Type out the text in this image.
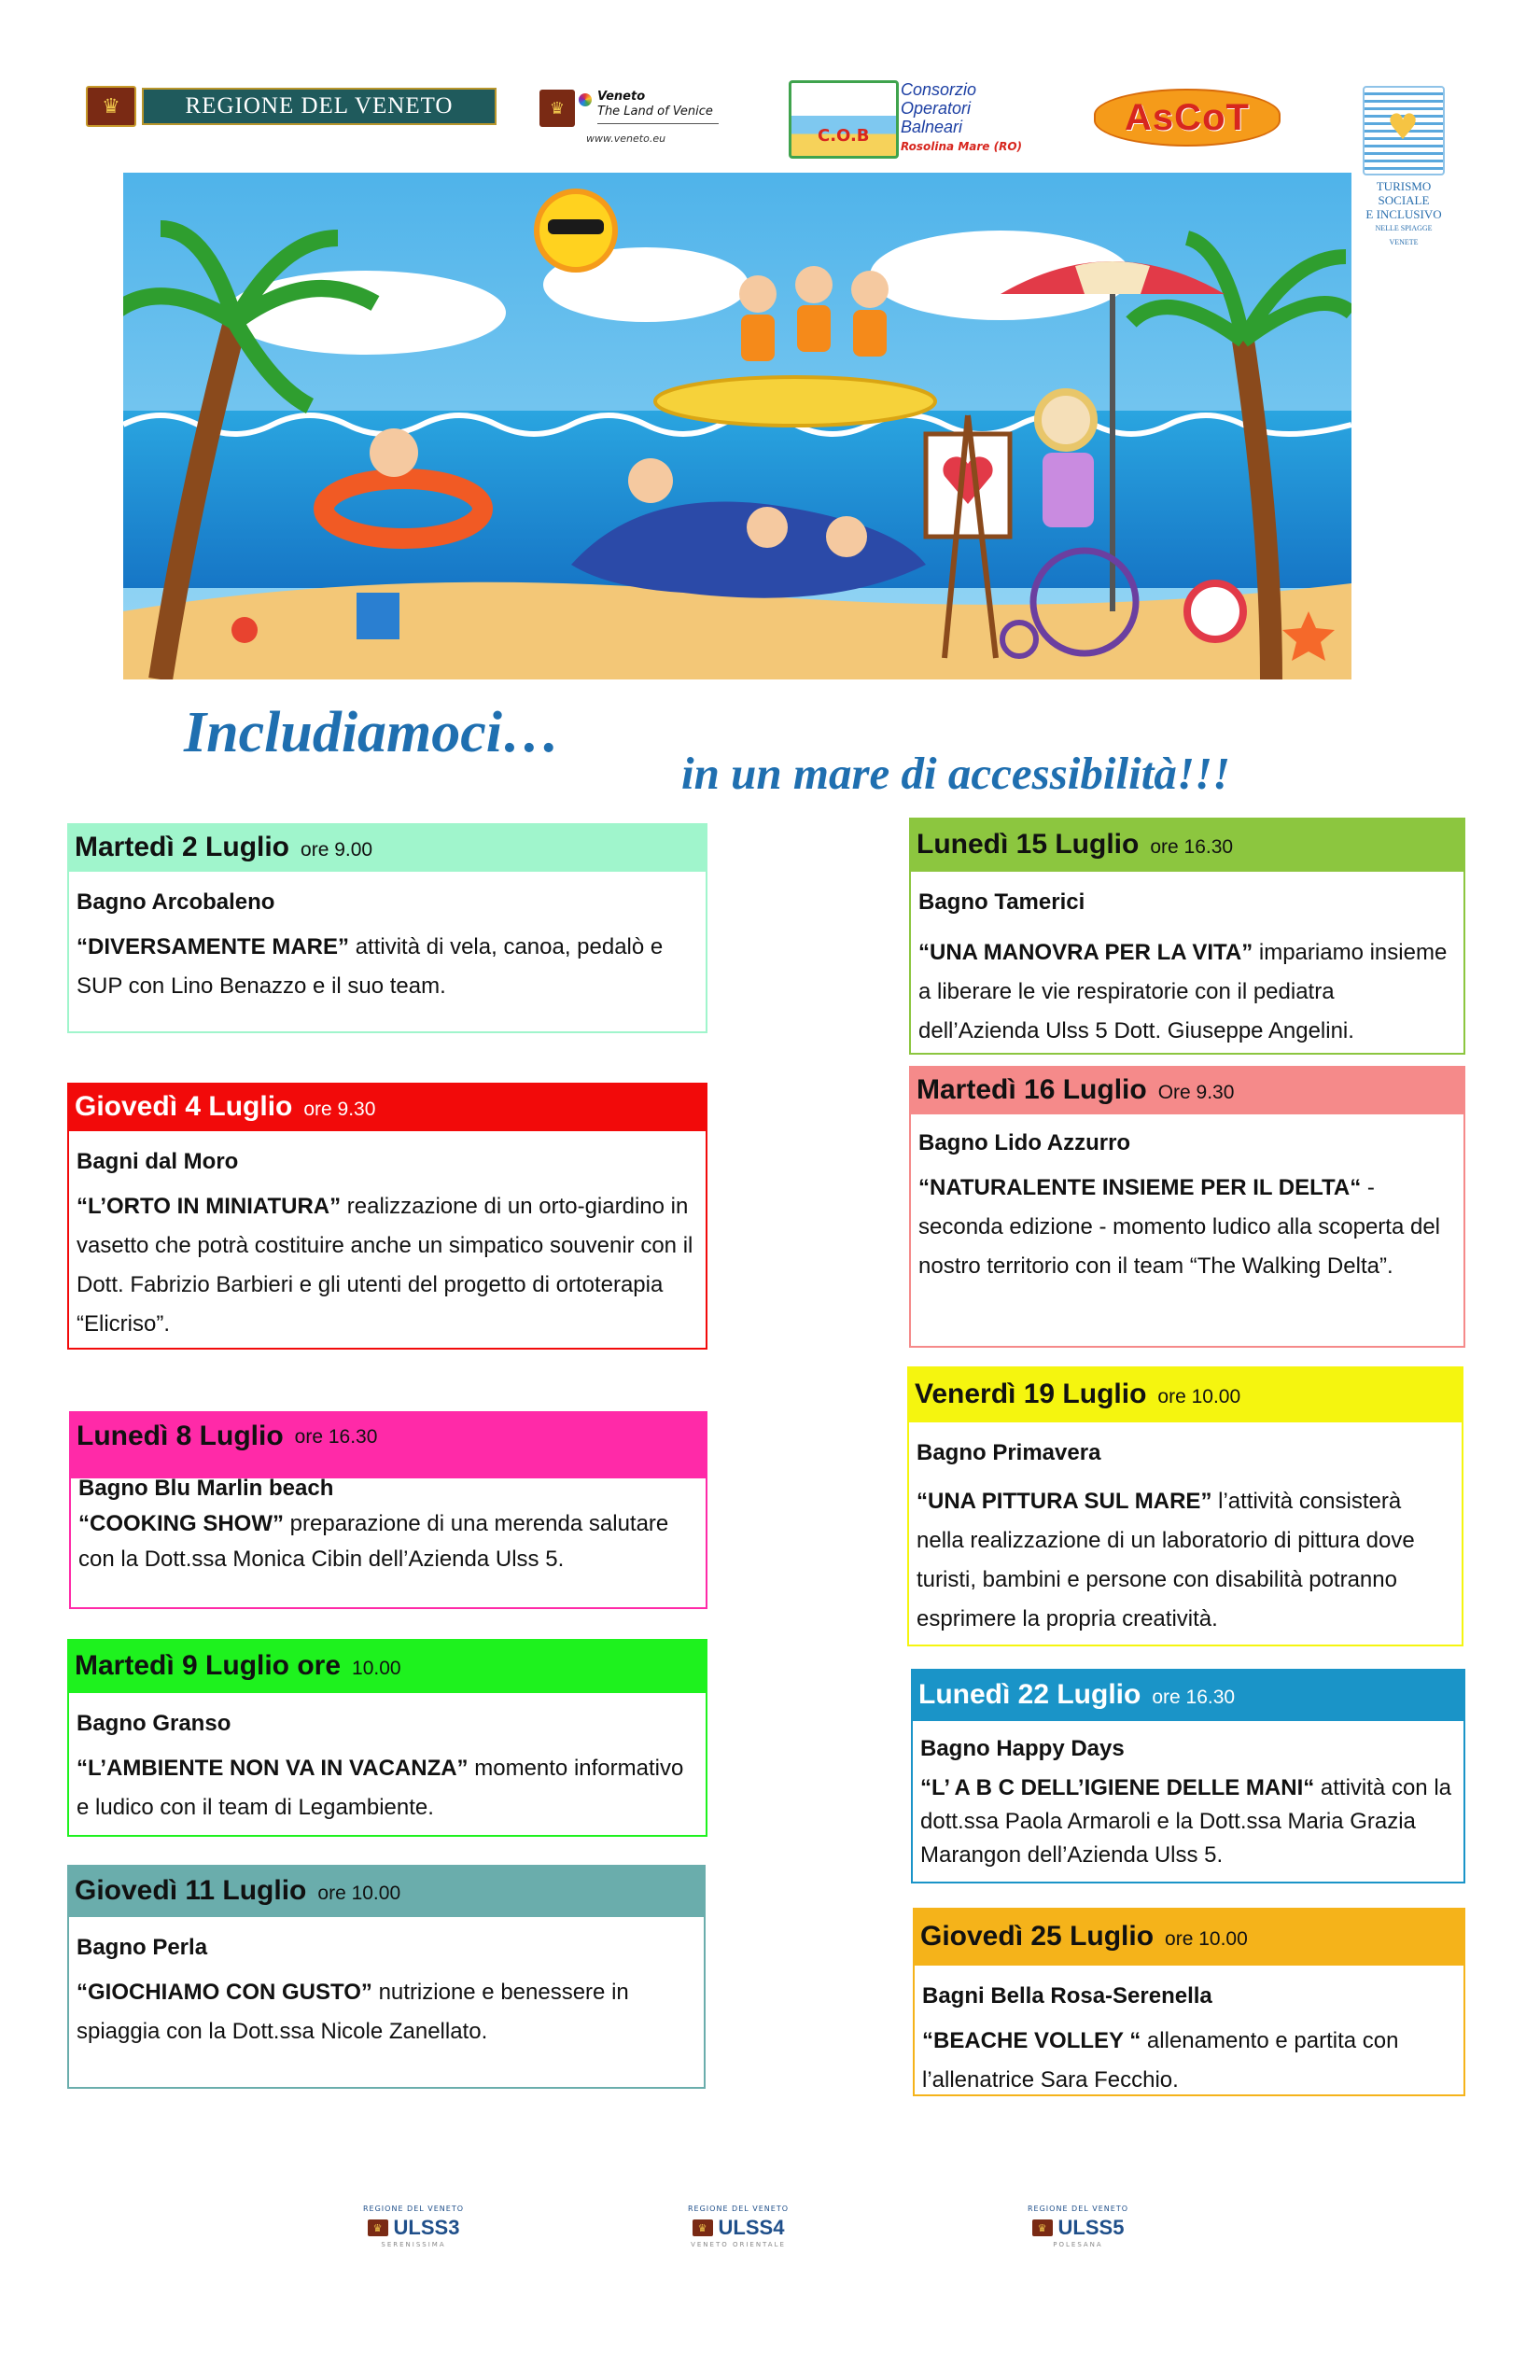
♛	REGIONE DEL VENETO	♛
Veneto
The Land of Venice
www.veneto.eu	C.O.B
Consorzio
Operatori
Balneari
Rosolina Mare (RO)
AsCoT	♥
TURISMO SOCIALE
E INCLUSIVO
NELLE SPIAGGE VENETE
Includiamoci…
in un mare di accessibilità!!!
Martedì 2 Luglio ore 9.00
Bagno Arcobaleno
“DIVERSAMENTE MARE” attività di vela, canoa, pedalò e SUP con Lino Benazzo e il suo team.
Giovedì 4 Luglio ore 9.30
Bagni dal Moro
“L’ORTO IN MINIATURA” realizzazione di un orto-giardino in vasetto che potrà costituire anche un simpatico souvenir con il Dott. Fabrizio Barbieri e gli utenti del progetto di ortoterapia “Elicriso”.
Lunedì 8 Luglio ore 16.30
Bagno Blu Marlin beach
“COOKING SHOW” preparazione di una merenda salutare con la Dott.ssa Monica Cibin dell’Azienda Ulss 5.
Martedì 9 Luglio ore 10.00
Bagno Granso
“L’AMBIENTE NON VA IN VACANZA” momento informativo e ludico con il team di Legambiente.
Giovedì 11 Luglio ore 10.00
Bagno Perla
“GIOCHIAMO CON GUSTO” nutrizione e benessere in spiaggia con la Dott.ssa Nicole Zanellato.
Lunedì 15 Luglio ore 16.30
Bagno Tamerici
“UNA MANOVRA PER LA VITA” impariamo insieme a liberare le vie respiratorie con il pediatra dell’Azienda Ulss 5 Dott. Giuseppe Angelini.
Martedì 16 Luglio Ore 9.30
Bagno Lido Azzurro
“NATURALENTE INSIEME PER IL DELTA“ - seconda edizione - momento ludico alla scoperta del nostro territorio con il team “The Walking Delta”.
Venerdì 19 Luglio ore 10.00
Bagno Primavera
“UNA PITTURA SUL MARE” l’attività consisterà nella realizzazione di un laboratorio di pittura dove turisti, bambini e persone con disabilità potranno esprimere la propria creatività.
Lunedì 22 Luglio ore 16.30
Bagno Happy Days
“L’ A B C DELL’IGIENE DELLE MANI“ attività con la dott.ssa Paola Armaroli e la Dott.ssa Maria Grazia Marangon dell’Azienda Ulss 5.
Giovedì 25 Luglio ore 10.00
Bagni Bella Rosa-Serenella
“BEACHE VOLLEY “ allenamento e partita con l’allenatrice Sara Fecchio.
REGIONE DEL VENETO
♛ ULSS3
SERENISSIMA
REGIONE DEL VENETO
♛ ULSS4
VENETO ORIENTALE
REGIONE DEL VENETO
♛ ULSS5
POLESANA
